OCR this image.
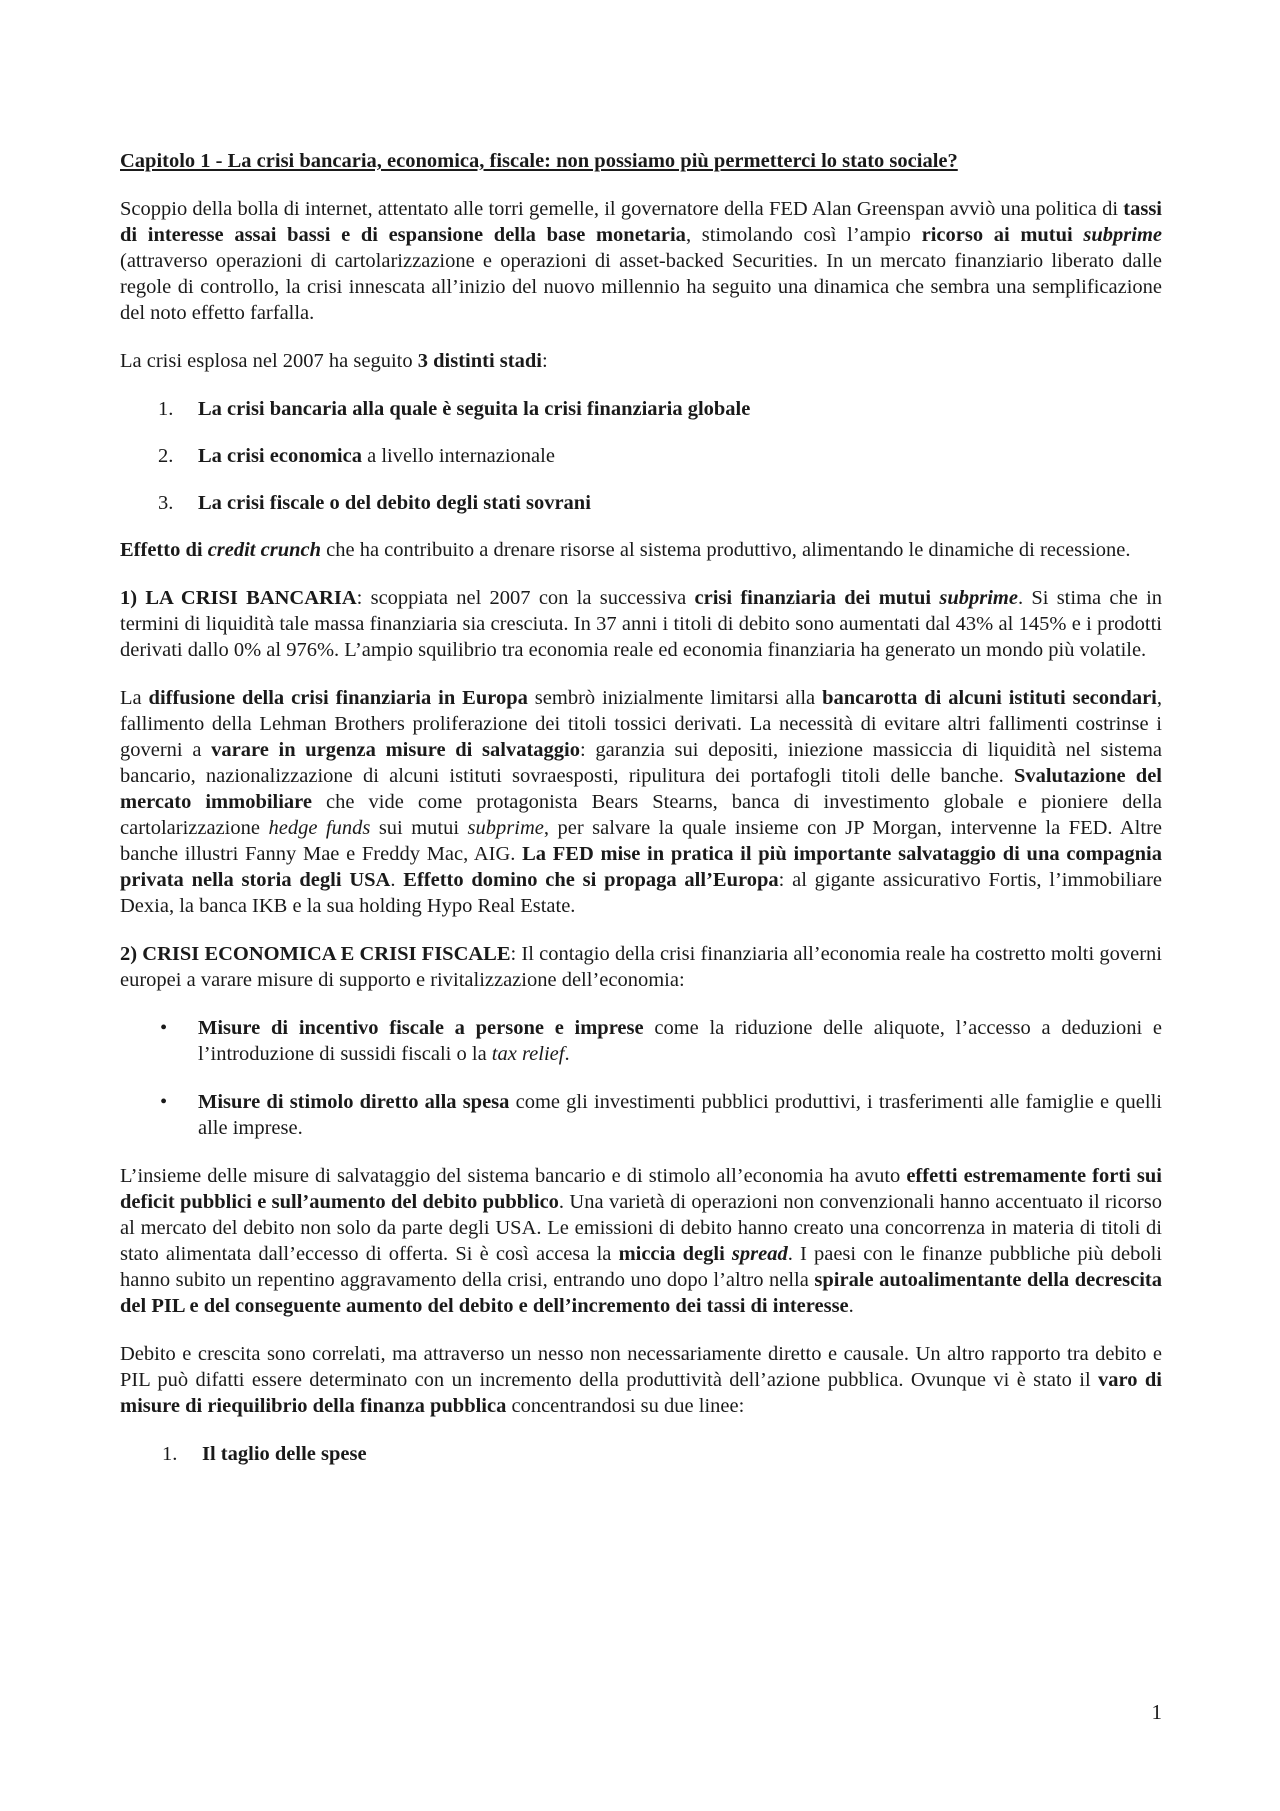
Capitolo 1 - La crisi bancaria, economica, fiscale: non possiamo più permetterci lo stato sociale?

Scoppio della bolla di internet, attentato alle torri gemelle, il governatore della FED Alan Greenspan avviò una politica di tassi di interesse assai bassi e di espansione della base monetaria, stimolando così l’ampio ricorso ai mutui subprime (attraverso operazioni di cartolarizzazione e operazioni di asset-backed Securities. In un mercato finanziario liberato dalle regole di controllo, la crisi innescata all’inizio del nuovo millennio ha seguito una dinamica che sembra una semplificazione del noto effetto farfalla.

La crisi esplosa nel 2007 ha seguito 3 distinti stadi:

1. La crisi bancaria alla quale è seguita la crisi finanziaria globale
2. La crisi economica a livello internazionale
3. La crisi fiscale o del debito degli stati sovrani

Effetto di credit crunch che ha contribuito a drenare risorse al sistema produttivo, alimentando le dinamiche di recessione.

1) LA CRISI BANCARIA: scoppiata nel 2007 con la successiva crisi finanziaria dei mutui subprime. Si stima che in termini di liquidità tale massa finanziaria sia cresciuta. In 37 anni i titoli di debito sono aumentati dal 43% al 145% e i prodotti derivati dallo 0% al 976%. L’ampio squilibrio tra economia reale ed economia finanziaria ha generato un mondo più volatile.

La diffusione della crisi finanziaria in Europa sembrò inizialmente limitarsi alla bancarotta di alcuni istituti secondari, fallimento della Lehman Brothers proliferazione dei titoli tossici derivati. La necessità di evitare altri fallimenti costrinse i governi a varare in urgenza misure di salvataggio: garanzia sui depositi, iniezione massiccia di liquidità nel sistema bancario, nazionalizzazione di alcuni istituti sovraesposti, ripulitura dei portafogli titoli delle banche. Svalutazione del mercato immobiliare che vide come protagonista Bears Stearns, banca di investimento globale e pioniere della cartolarizzazione hedge funds sui mutui subprime, per salvare la quale insieme con JP Morgan, intervenne la FED. Altre banche illustri Fanny Mae e Freddy Mac, AIG. La FED mise in pratica il più importante salvataggio di una compagnia privata nella storia degli USA. Effetto domino che si propaga all’Europa: al gigante assicurativo Fortis, l’immobiliare Dexia, la banca IKB e la sua holding Hypo Real Estate.

2) CRISI ECONOMICA E CRISI FISCALE: Il contagio della crisi finanziaria all’economia reale ha costretto molti governi europei a varare misure di supporto e rivitalizzazione dell’economia:

• Misure di incentivo fiscale a persone e imprese come la riduzione delle aliquote, l’accesso a deduzioni e l’introduzione di sussidi fiscali o la tax relief.
• Misure di stimolo diretto alla spesa come gli investimenti pubblici produttivi, i trasferimenti alle famiglie e quelli alle imprese.

L’insieme delle misure di salvataggio del sistema bancario e di stimolo all’economia ha avuto effetti estremamente forti sui deficit pubblici e sull’aumento del debito pubblico. Una varietà di operazioni non convenzionali hanno accentuato il ricorso al mercato del debito non solo da parte degli USA. Le emissioni di debito hanno creato una concorrenza in materia di titoli di stato alimentata dall’eccesso di offerta. Si è così accesa la miccia degli spread. I paesi con le finanze pubbliche più deboli hanno subito un repentino aggravamento della crisi, entrando uno dopo l’altro nella spirale autoalimentante della decrescita del PIL e del conseguente aumento del debito e dell’incremento dei tassi di interesse.

Debito e crescita sono correlati, ma attraverso un nesso non necessariamente diretto e causale. Un altro rapporto tra debito e PIL può difatti essere determinato con un incremento della produttività dell’azione pubblica. Ovunque vi è stato il varo di misure di riequilibrio della finanza pubblica concentrandosi su due linee:

1. Il taglio delle spese
1
